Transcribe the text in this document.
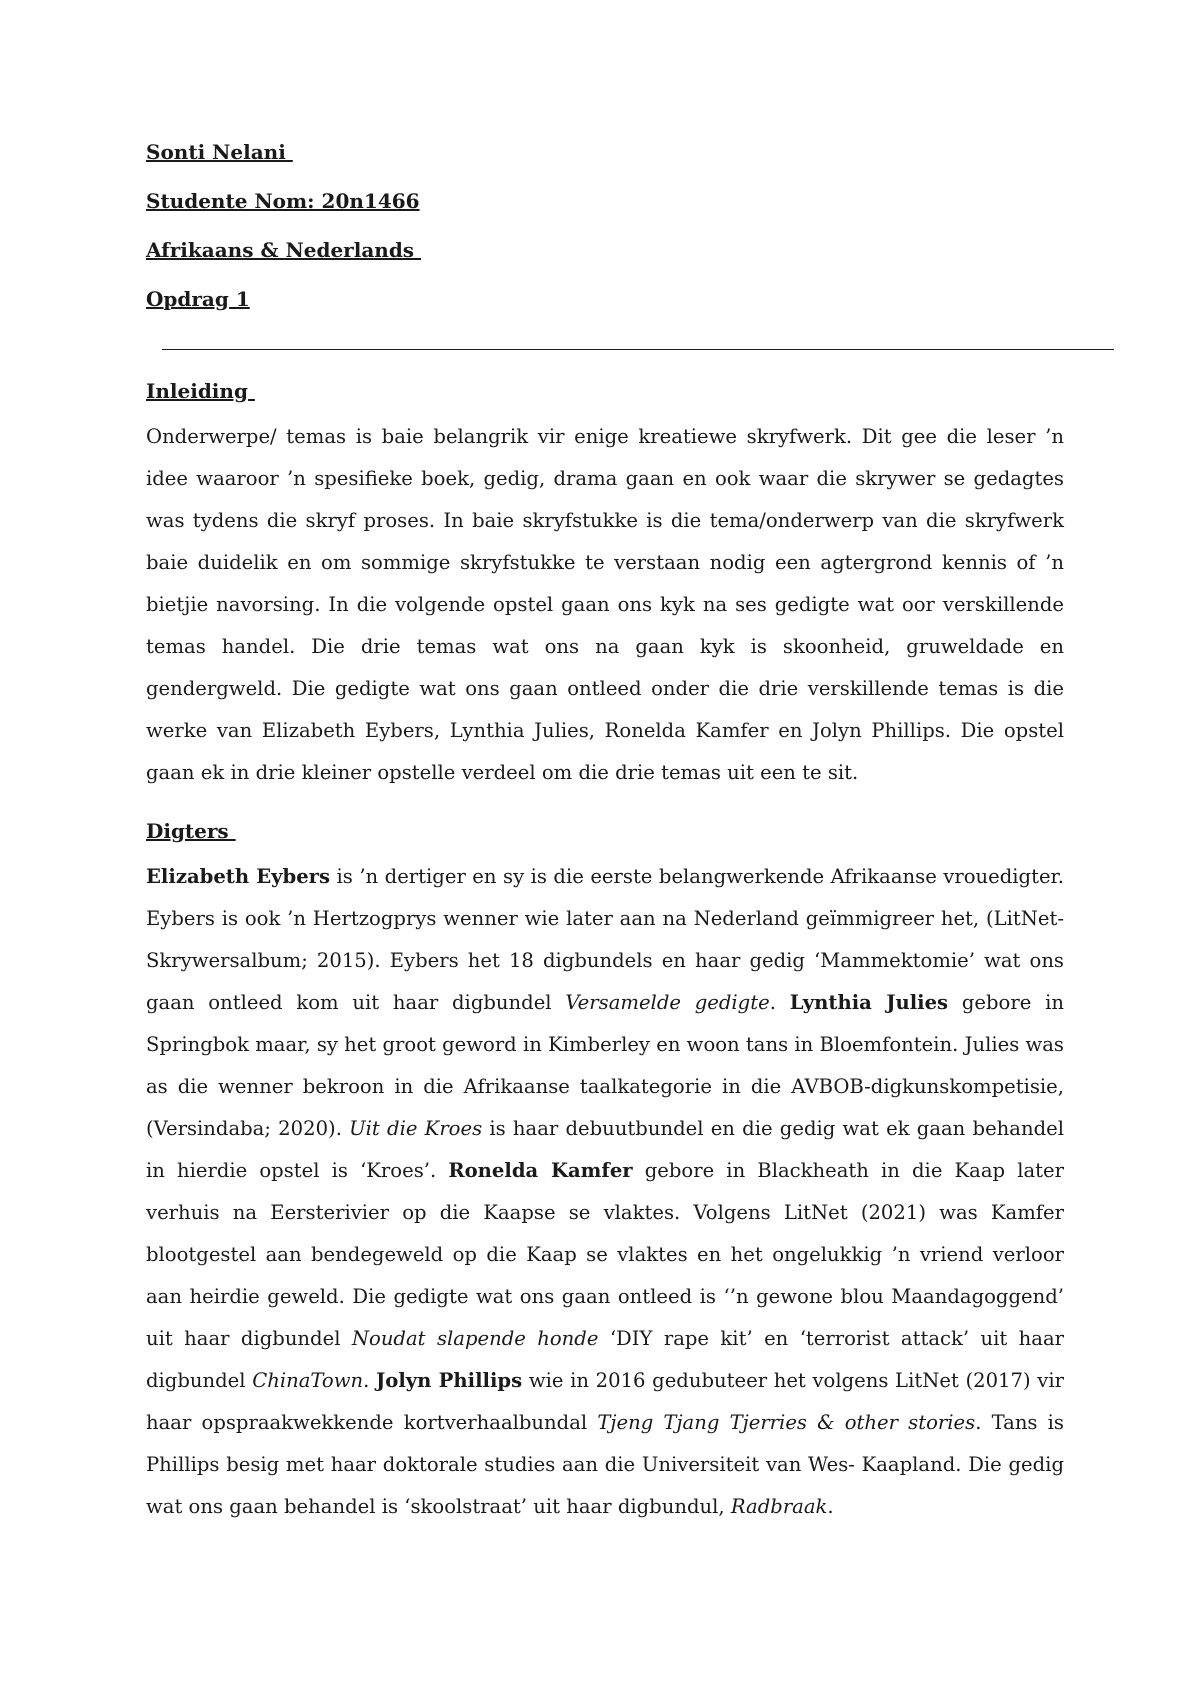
Sonti Nelani
Studente Nom: 20n1466
Afrikaans & Nederlands
Opdrag 1
Inleiding

Onderwerpe/ temas is baie belangrik vir enige kreatiewe skryfwerk. Dit gee die leser ’n idee waaroor ’n spesifieke boek, gedig, drama gaan en ook waar die skrywer se gedagtes was tydens die skryf proses. In baie skryfstukke is die tema/onderwerp van die skryfwerk baie duidelik en om sommige skryfstukke te verstaan nodig een agtergrond kennis of ’n bietjie navorsing. In die volgende opstel gaan ons kyk na ses gedigte wat oor verskillende temas handel. Die drie temas wat ons na gaan kyk is skoonheid, gruweldade en gendergweld. Die gedigte wat ons gaan ontleed onder die drie verskillende temas is die werke van Elizabeth Eybers, Lynthia Julies, Ronelda Kamfer en Jolyn Phillips. Die opstel gaan ek in drie kleiner opstelle verdeel om die drie temas uit een te sit.

Digters

Elizabeth Eybers is ’n dertiger en sy is die eerste belangwerkende Afrikaanse vrouedigter. Eybers is ook ’n Hertzogprys wenner wie later aan na Nederland geïmmigreer het, (LitNet-Skrywersalbum; 2015). Eybers het 18 digbundels en haar gedig ‘Mammektomie’ wat ons gaan ontleed kom uit haar digbundel Versamelde gedigte. Lynthia Julies gebore in Springbok maar, sy het groot geword in Kimberley en woon tans in Bloemfontein. Julies was as die wenner bekroon in die Afrikaanse taalkategorie in die AVBOB-digkunskompetisie, (Versindaba; 2020). Uit die Kroes is haar debuutbundel en die gedig wat ek gaan behandel in hierdie opstel is ‘Kroes’. Ronelda Kamfer gebore in Blackheath in die Kaap later verhuis na Eersterivier op die Kaapse se vlaktes. Volgens LitNet (2021) was Kamfer blootgestel aan bendegeweld op die Kaap se vlaktes en het ongelukkig ’n vriend verloor aan heirdie geweld. Die gedigte wat ons gaan ontleed is ‘’n gewone blou Maandagoggend’ uit haar digbundel Noudat slapende honde ‘DIY rape kit’ en ‘terrorist attack’ uit haar digbundel ChinaTown. Jolyn Phillips wie in 2016 gedubuteer het volgens LitNet (2017) vir haar opspraakwekkende kortverhaalbundal Tjeng Tjang Tjerries & other stories. Tans is Phillips besig met haar doktorale studies aan die Universiteit van Wes- Kaapland. Die gedig wat ons gaan behandel is ‘skoolstraat’ uit haar digbundul, Radbraak.
